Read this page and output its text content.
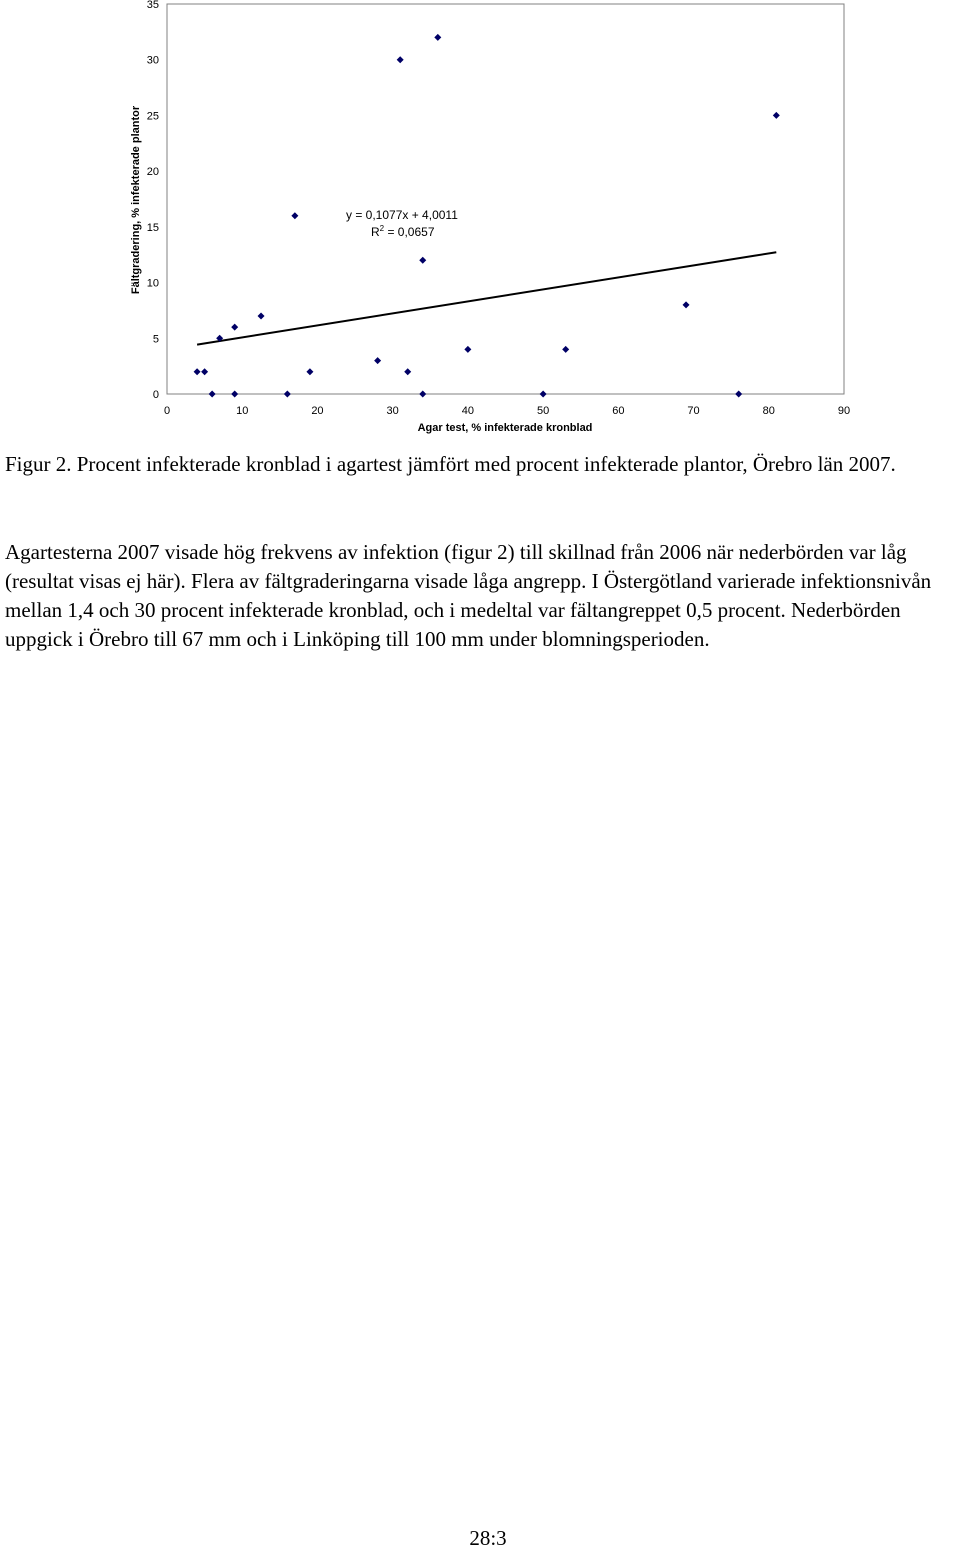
0
5
10
15
20
25
30
35
0	10	20	30	40	50	60	70	80	90
Fältgradering, % infekterade plantor
Agar test, % infekterade kronblad
y = 0,1077x + 4,0011
$R^2 = 0,0657$

Figur 2. Procent infekterade kronblad i agartest jämfört med procent infekterade plantor, Örebro län 2007.

Agartesterna 2007 visade hög frekvens av infektion (figur 2) till skillnad från 2006 när nederbörden var låg (resultat visas ej här). Flera av fältgraderingarna visade låga angrepp. I Östergötland varierade infektionsnivån mellan 1,4 och 30 procent infekterade kronblad, och i medeltal var fältangreppet 0,5 procent. Nederbörden uppgick i Örebro till 67 mm och i Linköping till 100 mm under blomningsperioden.

28:3
